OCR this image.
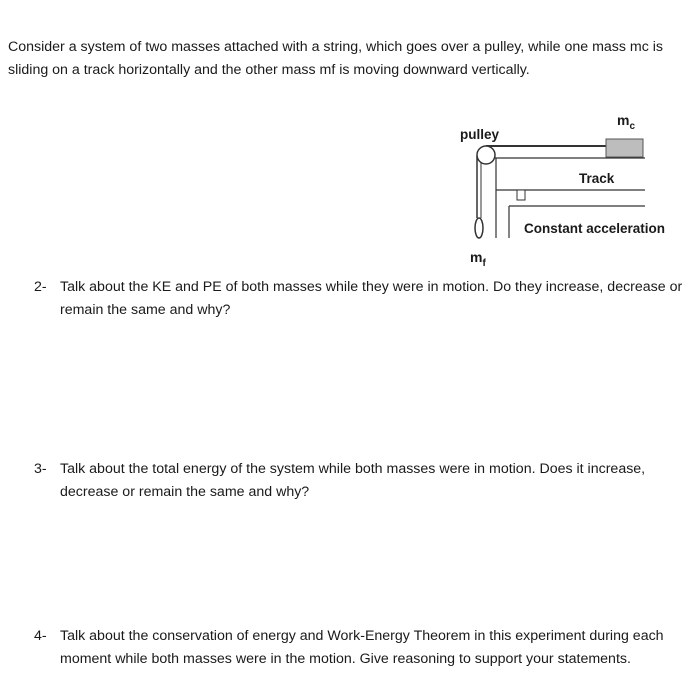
Consider a system of two masses attached with a string, which goes over a pulley, while one mass mc is sliding on a track horizontally and the other mass mf is moving downward vertically.

pulley
$m_c$
Track
Constant acceleration
$m_f$
2- Talk about the KE and PE of both masses while they were in motion. Do they increase, decrease or remain the same and why?
3- Talk about the total energy of the system while both masses were in motion. Does it increase, decrease or remain the same and why?
4- Talk about the conservation of energy and Work-Energy Theorem in this experiment during each moment while both masses were in the motion. Give reasoning to support your statements.
